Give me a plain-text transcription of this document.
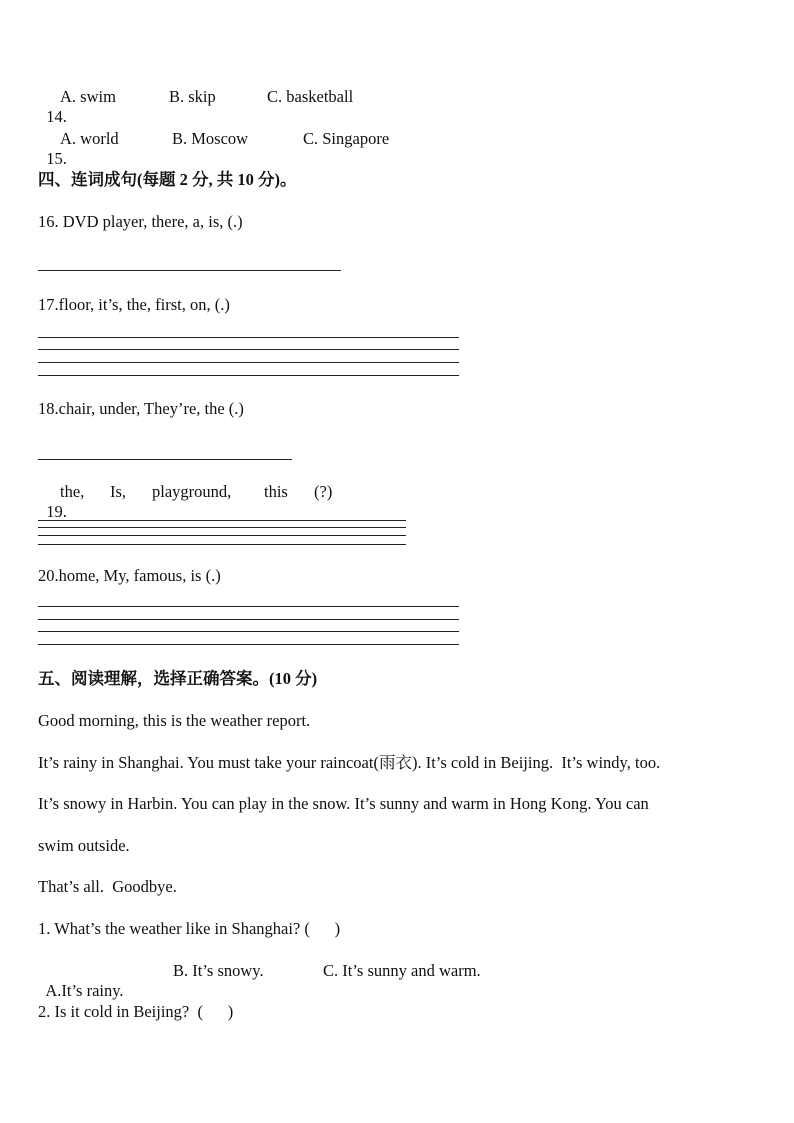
14.

A. swim

	B. skip

	C. basketball

15.

A. world

	B. Moscow

	C. Singapore

四、连词成句(每题 2 分, 共 10 分)。
16. DVD player, there, a, is, (.)
17.floor, it’s, the, first, on, (.)
18.chair, under, They’re, the (.)

19.

the,

Is,

playground,

this

(?)

20.home, My, famous, is (.)
五、阅读理解，选择正确答案。(10 分)
Good morning, this is the weather report.
It’s rainy in Shanghai. You must take your raincoat(雨衣). It’s cold in Beijing.  It’s windy, too.
It’s snowy in Harbin. You can play in the snow. It’s sunny and warm in Hong Kong. You can
swim outside.
That’s all.  Goodbye.
1. What’s the weather like in Shanghai? (      )

A.It’s rainy.

B. It’s snowy.

	C. It’s sunny and warm.

2. Is it cold in Beijing?  (      )
